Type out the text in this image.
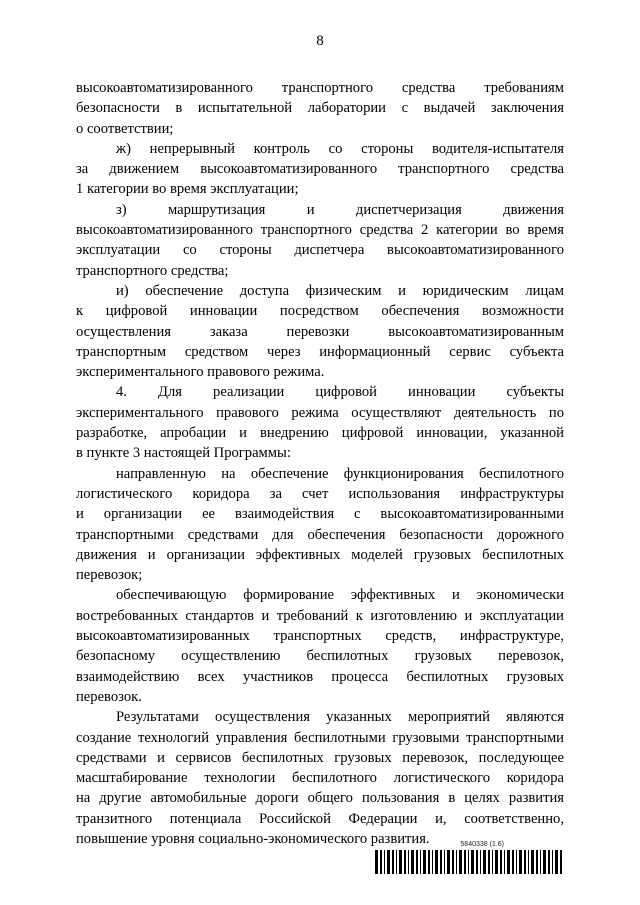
8

высокоавтоматизированного транспортного средства требованиям
безопасности в испытательной лаборатории с выдачей заключения
о соответствии;

ж) непрерывный контроль со стороны водителя-испытателя
за движением высокоавтоматизированного транспортного средства
1 категории во время эксплуатации;

з) маршрутизация и диспетчеризация движения
высокоавтоматизированного транспортного средства 2 категории во время
эксплуатации со стороны диспетчера высокоавтоматизированного
транспортного средства;

и) обеспечение доступа физическим и юридическим лицам
к цифровой инновации посредством обеспечения возможности
осуществления заказа перевозки высокоавтоматизированным
транспортным средством через информационный сервис субъекта
экспериментального правового режима.

4. Для реализации цифровой инновации субъекты
экспериментального правового режима осуществляют деятельность по
разработке, апробации и внедрению цифровой инновации, указанной
в пункте 3 настоящей Программы:

направленную на обеспечение функционирования беспилотного
логистического коридора за счет использования инфраструктуры
и организации ее взаимодействия с высокоавтоматизированными
транспортными средствами для обеспечения безопасности дорожного
движения и организации эффективных моделей грузовых беспилотных
перевозок;

обеспечивающую формирование эффективных и экономически
востребованных стандартов и требований к изготовлению и эксплуатации
высокоавтоматизированных транспортных средств, инфраструктуре,
безопасному осуществлению беспилотных грузовых перевозок,
взаимодействию всех участников процесса беспилотных грузовых
перевозок.

Результатами осуществления указанных мероприятий являются
создание технологий управления беспилотными грузовыми транспортными
средствами и сервисов беспилотных грузовых перевозок, последующее
масштабирование технологии беспилотного логистического коридора
на другие автомобильные дороги общего пользования в целях развития
транзитного потенциала Российской Федерации и, соответственно,
повышение уровня социально-экономического развития.	5840338 (1.6)
